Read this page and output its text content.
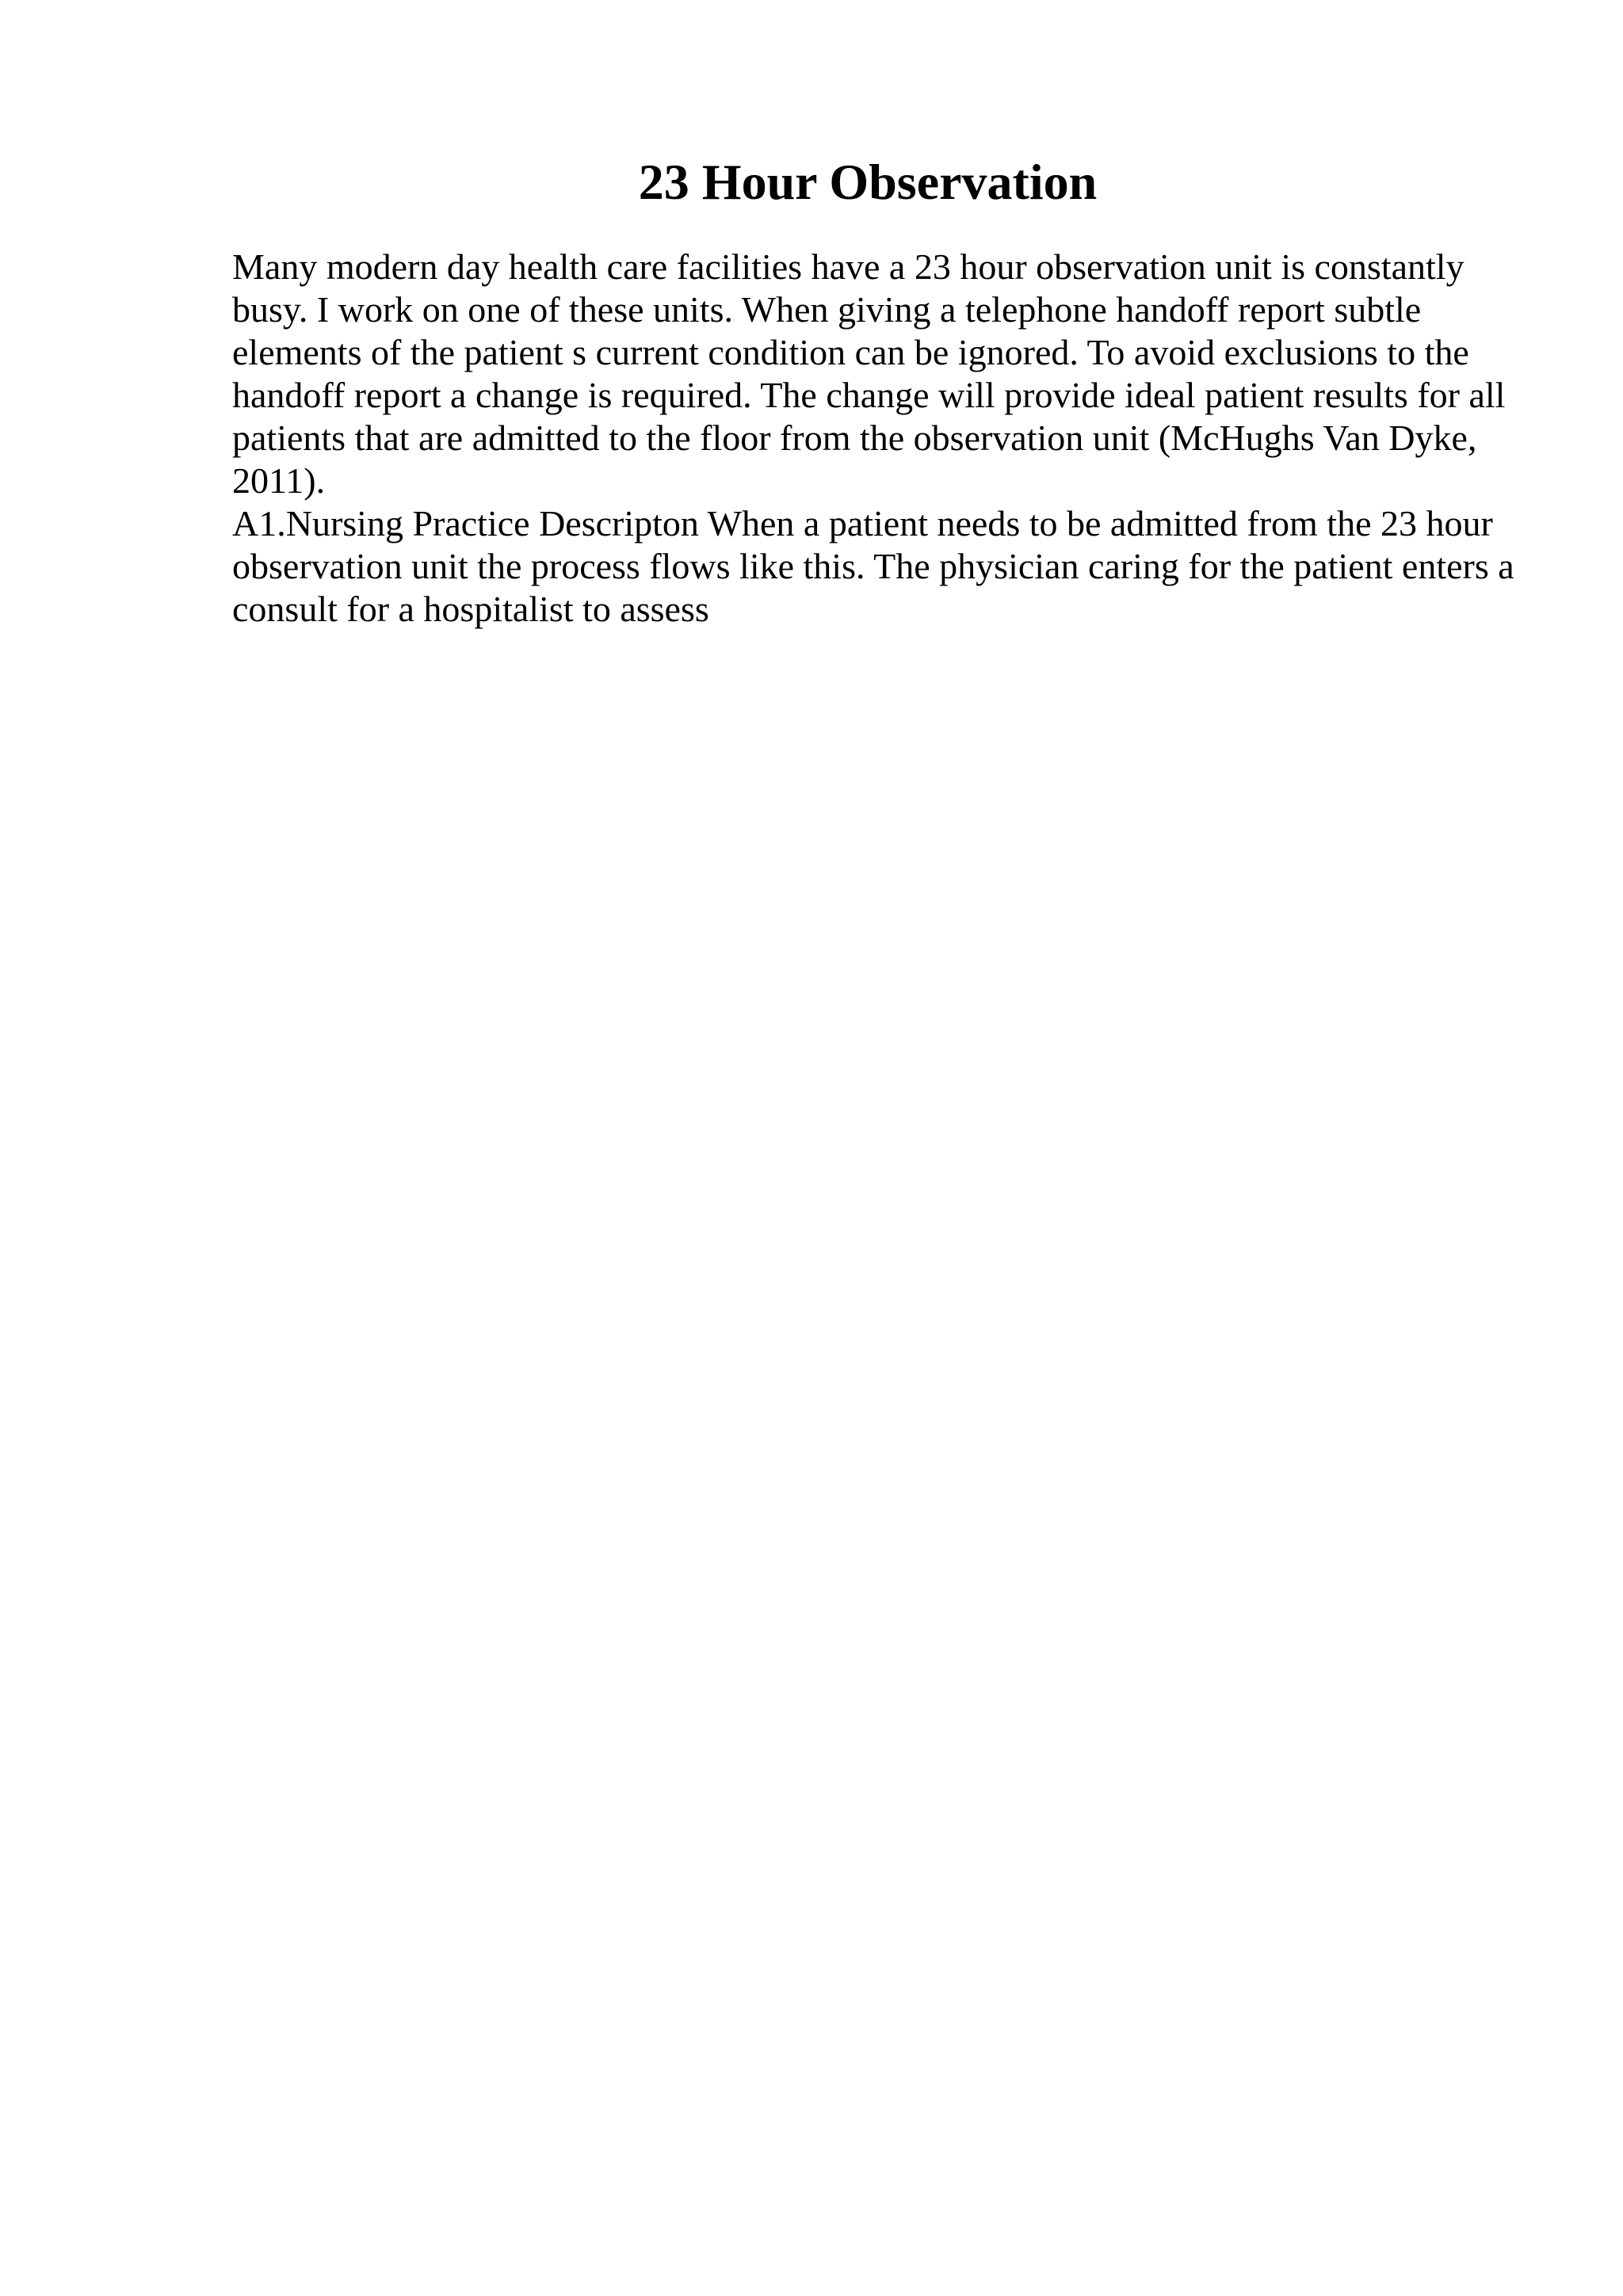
23 Hour Observation

Many modern day health care facilities have a 23 hour observation unit is constantly busy. I work on one of these units. When giving a telephone handoff report subtle elements of the patient s current condition can be ignored. To avoid exclusions to the handoff report a change is required. The change will provide ideal patient results for all patients that are admitted to the floor from the observation unit (McHughs Van Dyke, 2011).

A1.Nursing Practice Descripton When a patient needs to be admitted from the 23 hour observation unit the process flows like this. The physician caring for the patient enters a consult for a hospitalist to assess
